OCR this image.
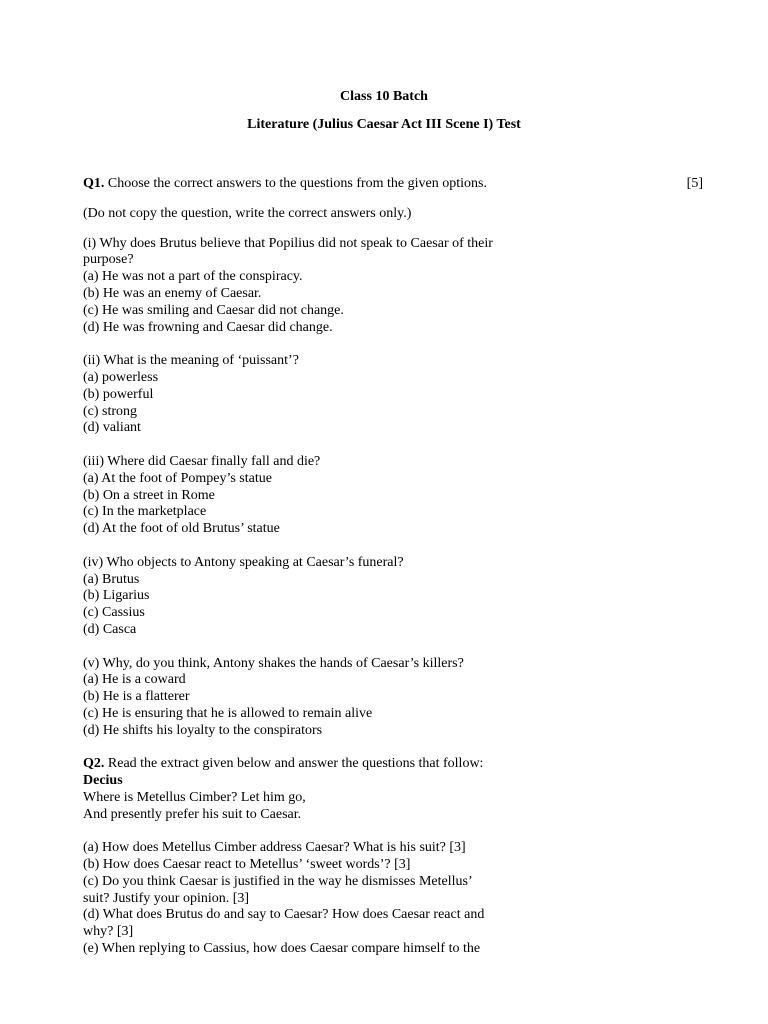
Class 10 Batch
Literature (Julius Caesar Act III Scene I) Test
Q1. Choose the correct answers to the questions from the given options.	[5]
(Do not copy the question, write the correct answers only.)
(i) Why does Brutus believe that Popilius did not speak to Caesar of their
purpose?
(a) He was not a part of the conspiracy.
(b) He was an enemy of Caesar.
(c) He was smiling and Caesar did not change.
(d) He was frowning and Caesar did change.
(ii) What is the meaning of ‘puissant’?
(a) powerless
(b) powerful
(c) strong
(d) valiant
(iii) Where did Caesar finally fall and die?
(a) At the foot of Pompey’s statue
(b) On a street in Rome
(c) In the marketplace
(d) At the foot of old Brutus’ statue
(iv) Who objects to Antony speaking at Caesar’s funeral?
(a) Brutus
(b) Ligarius
(c) Cassius
(d) Casca
(v) Why, do you think, Antony shakes the hands of Caesar’s killers?
(a) He is a coward
(b) He is a flatterer
(c) He is ensuring that he is allowed to remain alive
(d) He shifts his loyalty to the conspirators
Q2. Read the extract given below and answer the questions that follow:
Decius
Where is Metellus Cimber? Let him go,
And presently prefer his suit to Caesar.
(a) How does Metellus Cimber address Caesar? What is his suit? [3]
(b) How does Caesar react to Metellus’ ‘sweet words’? [3]
(c) Do you think Caesar is justified in the way he dismisses Metellus’
suit? Justify your opinion. [3]
(d) What does Brutus do and say to Caesar? How does Caesar react and
why? [3]
(e) When replying to Cassius, how does Caesar compare himself to the
